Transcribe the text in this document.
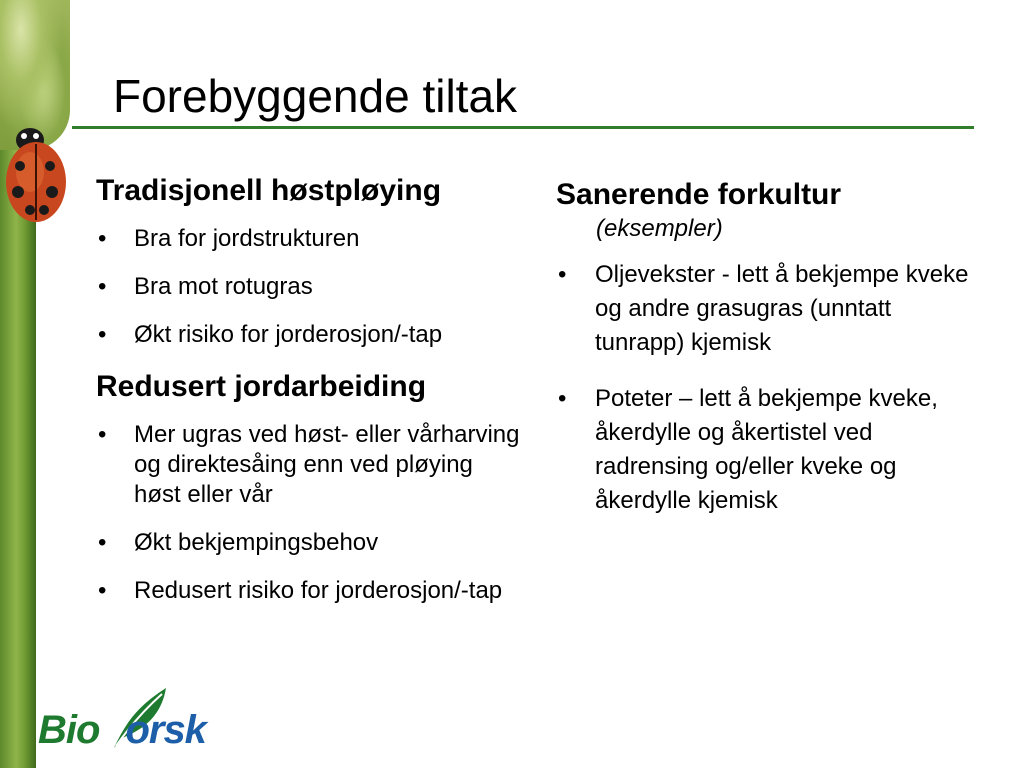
Forebyggende tiltak
Tradisjonell høstpløying
•	Bra for jordstrukturen
•	Bra mot rotugras
•	Økt risiko for jorderosjon/-tap
Redusert jordarbeiding
•	Mer ugras ved høst- eller vårharving og direktesåing enn ved pløying høst eller vår
•	Økt bekjempingsbehov
•	Redusert risiko for jorderosjon/-tap
Sanerende forkultur
(eksempler)
•	Oljevekster - lett å bekjempe kveke og andre grasugras (unntatt tunrapp) kjemisk
•	Poteter – lett å bekjempe kveke, åkerdylle og åkertistel ved radrensing og/eller kveke og åkerdylle kjemisk
Bio orsk
